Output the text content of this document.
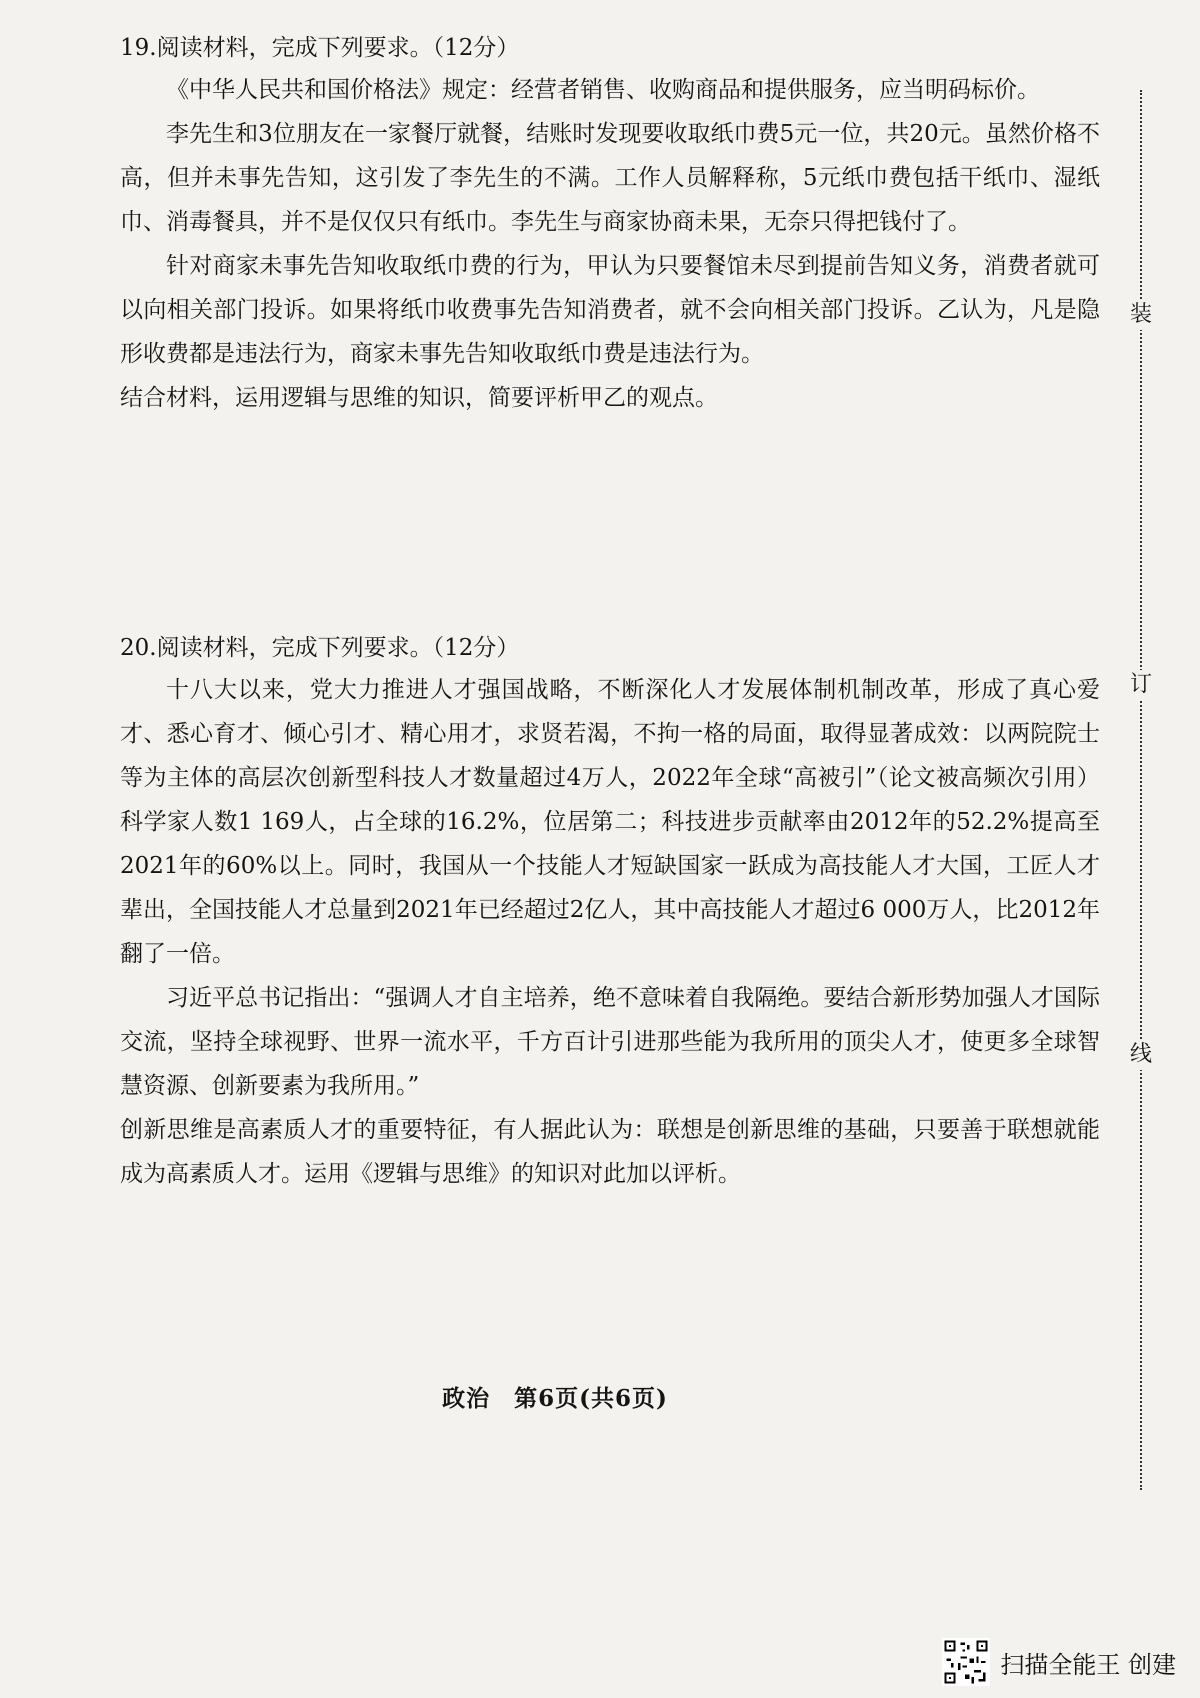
19.阅读材料，完成下列要求。（12分）

《中华人民共和国价格法》规定：经营者销售、收购商品和提供服务，应当明码标价。

李先生和3位朋友在一家餐厅就餐，结账时发现要收取纸巾费5元一位，共20元。虽然价格不高，但并未事先告知，这引发了李先生的不满。工作人员解释称，5元纸巾费包括干纸巾、湿纸巾、消毒餐具，并不是仅仅只有纸巾。李先生与商家协商未果，无奈只得把钱付了。

针对商家未事先告知收取纸巾费的行为，甲认为只要餐馆未尽到提前告知义务，消费者就可以向相关部门投诉。如果将纸巾收费事先告知消费者，就不会向相关部门投诉。乙认为，凡是隐形收费都是违法行为，商家未事先告知收取纸巾费是违法行为。

结合材料，运用逻辑与思维的知识，简要评析甲乙的观点。

20.阅读材料，完成下列要求。（12分）

十八大以来，党大力推进人才强国战略，不断深化人才发展体制机制改革，形成了真心爱才、悉心育才、倾心引才、精心用才，求贤若渴，不拘一格的局面，取得显著成效：以两院院士等为主体的高层次创新型科技人才数量超过4万人，2022年全球“高被引”（论文被高频次引用）科学家人数1 169人，占全球的16.2%，位居第二；科技进步贡献率由2012年的52.2%提高至2021年的60%以上。同时，我国从一个技能人才短缺国家一跃成为高技能人才大国，工匠人才辈出，全国技能人才总量到2021年已经超过2亿人，其中高技能人才超过6 000万人，比2012年翻了一倍。

习近平总书记指出：“强调人才自主培养，绝不意味着自我隔绝。要结合新形势加强人才国际交流，坚持全球视野、世界一流水平，千方百计引进那些能为我所用的顶尖人才，使更多全球智慧资源、创新要素为我所用。”

创新思维是高素质人才的重要特征，有人据此认为：联想是创新思维的基础，只要善于联想就能成为高素质人才。运用《逻辑与思维》的知识对此加以评析。

装
订
线
政治　第6页(共6页)
扫描全能王 创建
